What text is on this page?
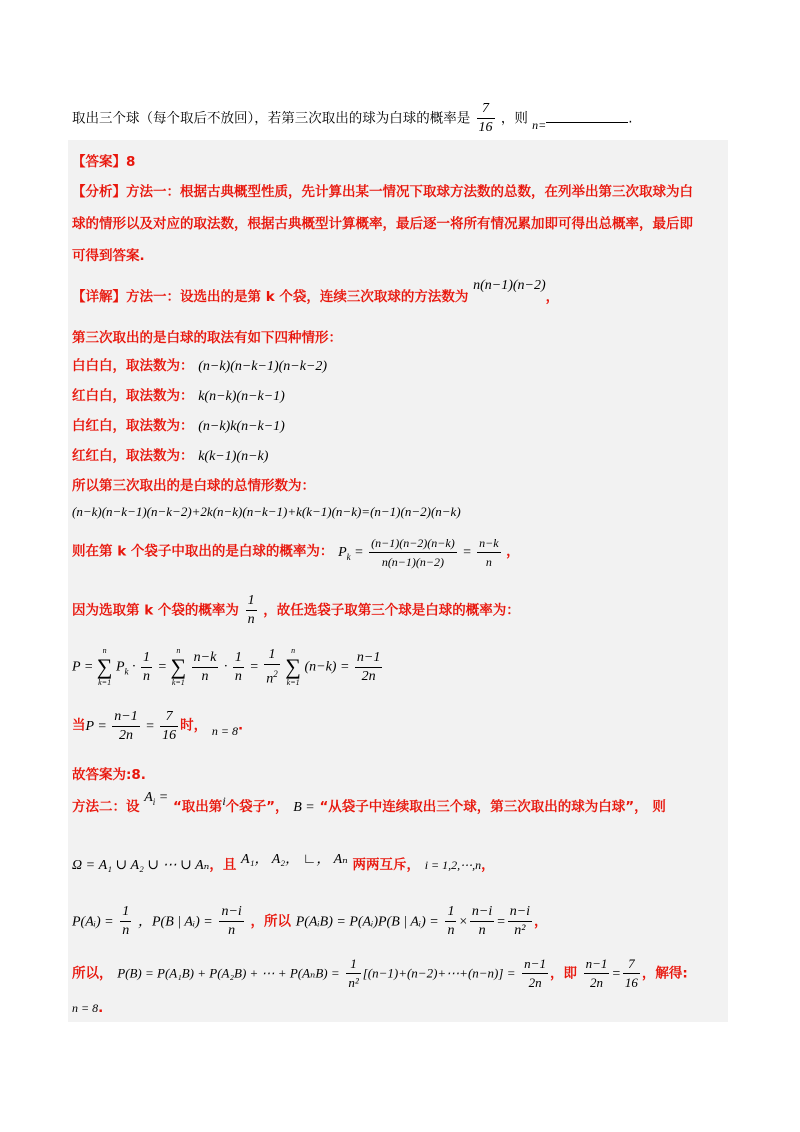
取出三个球（每个取后不放回），若第三次取出的球为白球的概率是 $\frac{7}{16}$ ，则 n=	.
【答案】8
【分析】方法一：根据古典概型性质，先计算出某一情况下取球方法数的总数，在列举出第三次取球为白
球的情形以及对应的取法数，根据古典概型计算概率，最后逐一将所有情况累加即可得出总概率，最后即
可得到答案.
【详解】方法一：设选出的是第 k 个袋，连续三次取球的方法数为 n(n−1)(n−2)，
第三次取出的是白球的取法有如下四种情形：
白白白，取法数为： (n−k)(n−k−1)(n−k−2)
红白白，取法数为： k(n−k)(n−k−1)
白红白，取法数为： (n−k)k(n−k−1)
红红白，取法数为： k(k−1)(n−k)
所以第三次取出的是白球的总情形数为：
(n−k)(n−k−1)(n−k−2)+2k(n−k)(n−k−1)+k(k−1)(n−k)=(n−1)(n−2)(n−k)
则在第 k 个袋子中取出的是白球的概率为： $P_k = \frac{(n-1)(n-2)(n-k)}{n(n-1)(n-2)} = \frac{n-k}{n}$ ，
因为选取第 k 个袋的概率为 $\frac{1}{n}$ ，故任选袋子取第三个球是白球的概率为：
P =
n
∑
k=1
$P_k \cdot \frac{1}{n}$ =
n
∑
k=1
$\frac{n-k}{n} \cdot \frac{1}{n} = \frac{1}{n^2}$
	n
∑
k=1
$(n-k) = \frac{n-1}{2n}$
当$P = \frac{n-1}{2n} = \frac{7}{16}$ 时， n = 8.
故答案为:8.
方法二：设 $A_i$ = “取出第i个袋子”， B = “从袋子中连续取出三个球，第三次取出的球为白球”， 则
Ω = A₁ ∪ A₂ ∪ ⋯ ∪ Aₙ，且 A₁， A₂， ∟， Aₙ 两两互斥， i = 1,2,⋯,n，
P(Aᵢ) = $\frac{1}{n}$ ，P(B | Aᵢ) = $\frac{n-i}{n}$ ，所以 P(AᵢB) = P(Aᵢ)P(B | Aᵢ) = $\frac{1}{n} \times \frac{n-i}{n} = \frac{n-i}{\text{n²}}$ ，
所以， P(B) = P(A₁B) + P(A₂B) + ⋯ + $P(A_nB) = \frac{1}{\text{n²}}$ [(n−1)+(n−2)+⋯+(n−n)] = $\frac{n-1}{2n}$ ，即 $\frac{n-1}{2n} = \frac{7}{16}$ ，解得:
n = 8.
